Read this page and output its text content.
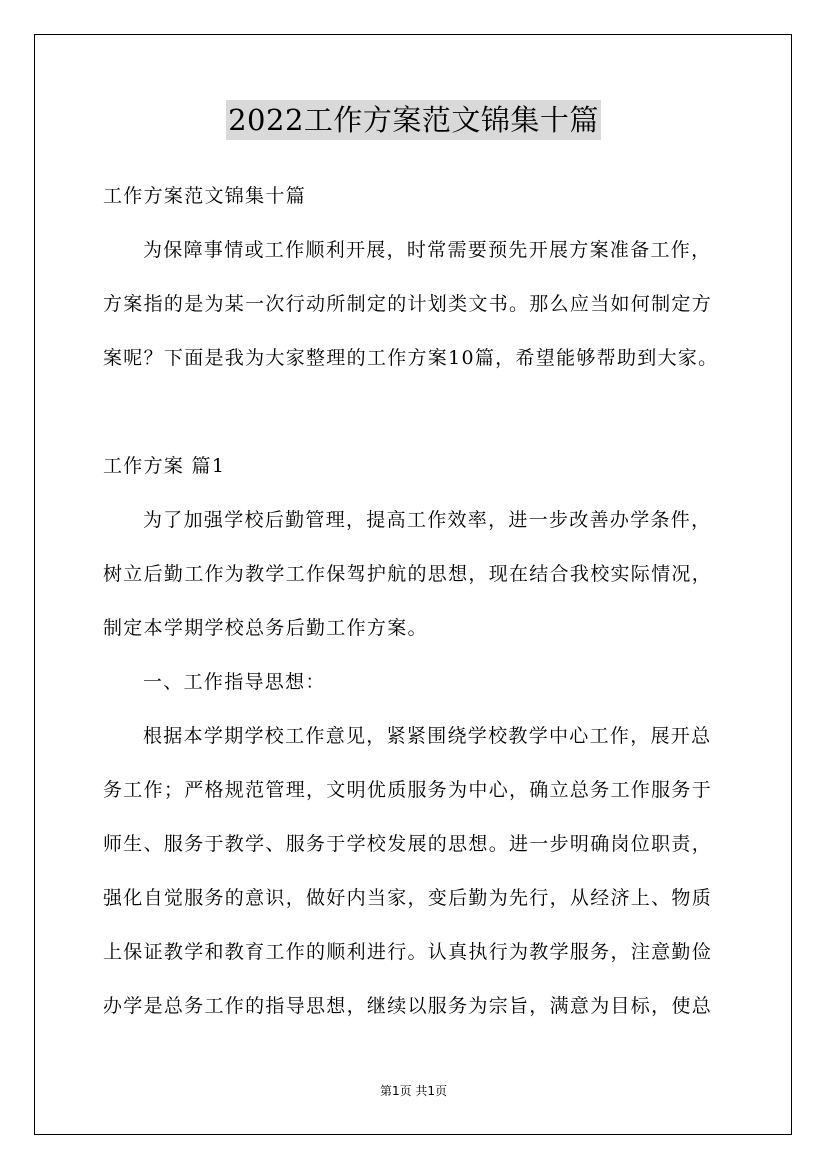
2022工作方案范文锦集十篇
工作方案范文锦集十篇
为保障事情或工作顺利开展，时常需要预先开展方案准备工作，
方案指的是为某一次行动所制定的计划类文书。那么应当如何制定方
案呢？下面是我为大家整理的工作方案10篇，希望能够帮助到大家。
工作方案 篇1
为了加强学校后勤管理，提高工作效率，进一步改善办学条件，
树立后勤工作为教学工作保驾护航的思想，现在结合我校实际情况，
制定本学期学校总务后勤工作方案。
一、工作指导思想：
根据本学期学校工作意见，紧紧围绕学校教学中心工作，展开总
务工作；严格规范管理，文明优质服务为中心，确立总务工作服务于
师生、服务于教学、服务于学校发展的思想。进一步明确岗位职责，
强化自觉服务的意识，做好内当家，变后勤为先行，从经济上、物质
上保证教学和教育工作的顺利进行。认真执行为教学服务，注意勤俭
办学是总务工作的指导思想，继续以服务为宗旨，满意为目标，使总
第1页 共1页
